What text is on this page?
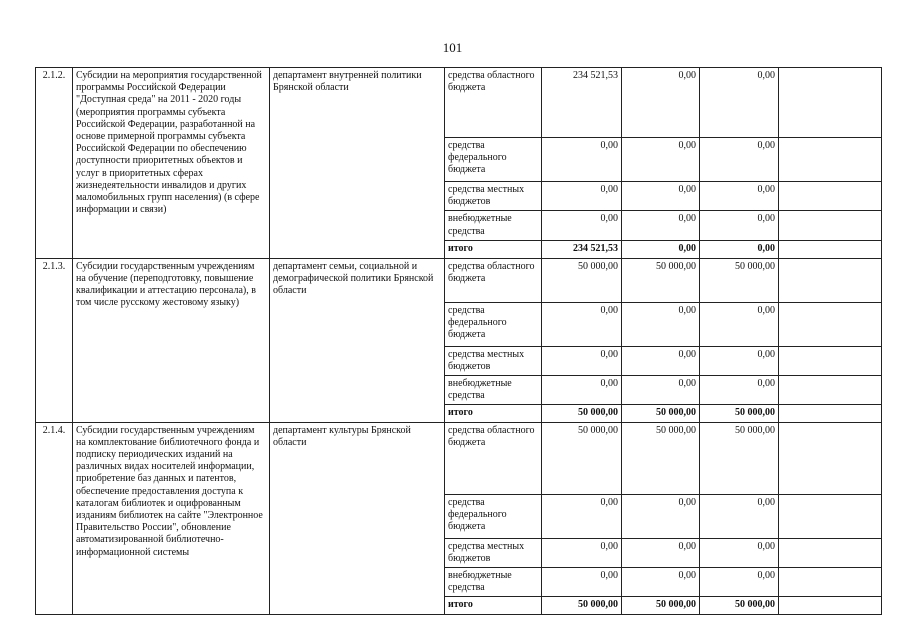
101
2.1.2.	Субсидии на мероприятия государственной программы Российской Федерации "Доступная среда" на 2011 - 2020 годы (мероприятия программы субъекта Российской Федерации, разработанной на основе примерной программы субъекта Российской Федерации по обеспечению доступности приоритетных объектов и услуг в приоритетных сферах жизнедеятельности инвалидов и других маломобильных групп населения) (в сфере информации и связи)	департамент внутренней политики Брянской области	средства областного бюджета	234 521,53	0,00	0,00	
			средства федерального бюджета	0,00	0,00	0,00	
			средства местных бюджетов	0,00	0,00	0,00	
			внебюджетные средства	0,00	0,00	0,00	
			итого	234 521,53	0,00	0,00	
2.1.3.	Субсидии государственным учреждениям на обучение (переподготовку, повышение квалификации и аттестацию персонала), в том числе русскому жестовому языку)	департамент семьи, социальной и демографической политики Брянской области	средства областного бюджета	50 000,00	50 000,00	50 000,00	
			средства федерального бюджета	0,00	0,00	0,00	
			средства местных бюджетов	0,00	0,00	0,00	
			внебюджетные средства	0,00	0,00	0,00	
			итого	50 000,00	50 000,00	50 000,00	
2.1.4.	Субсидии государственным учреждениям на комплектование библиотечного фонда и подписку периодических изданий на различных видах носителей информации, приобретение баз данных и патентов, обеспечение предоставления доступа к каталогам библиотек и оцифрованным изданиям библиотек на сайте "Электронное Правительство России", обновление автоматизированной библиотечно-информационной системы	департамент культуры Брянской области	средства областного бюджета	50 000,00	50 000,00	50 000,00	
			средства федерального бюджета	0,00	0,00	0,00	
			средства местных бюджетов	0,00	0,00	0,00	
			внебюджетные средства	0,00	0,00	0,00	
			итого	50 000,00	50 000,00	50 000,00	
